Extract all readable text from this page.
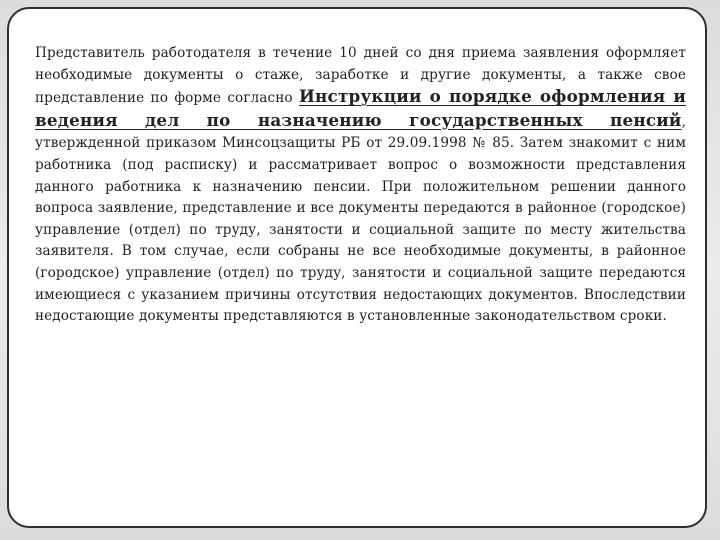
Представитель работодателя в течение 10 дней со дня приема заявления оформляет необходимые документы о стаже, заработке и другие документы, а также свое представление по форме согласно Инструкции о порядке оформления и ведения дел по назначению государственных пенсий, утвержденной приказом Минсоцзащиты РБ от 29.09.1998 № 85. Затем знакомит с ним работника (под расписку) и рассматривает вопрос о возможности представления данного работника к назначению пенсии. При положительном решении данного вопроса заявление, представление и все документы передаются в районное (городское) управление (отдел) по труду, занятости и социальной защите по месту жительства заявителя. В том случае, если собраны не все необходимые документы, в районное (городское) управление (отдел) по труду, занятости и социальной защите передаются имеющиеся с указанием причины отсутствия недостающих документов. Впоследствии недостающие документы представляются в установленные законодательством сроки.
